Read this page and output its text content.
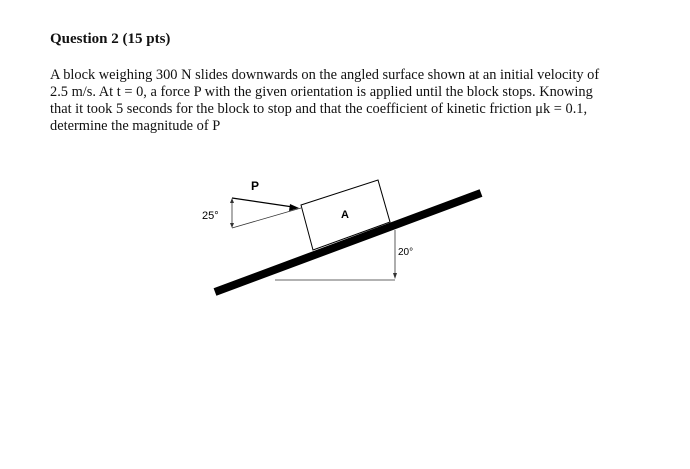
Question 2 (15 pts)
A block weighing 300 N slides downwards on the angled surface shown at an initial velocity of
2.5 m/s. At t = 0, a force P with the given orientation is applied until the block stops. Knowing
that it took 5 seconds for the block to stop and that the coefficient of kinetic friction μk = 0.1,
determine the magnitude of P
A
P
25°
20°
